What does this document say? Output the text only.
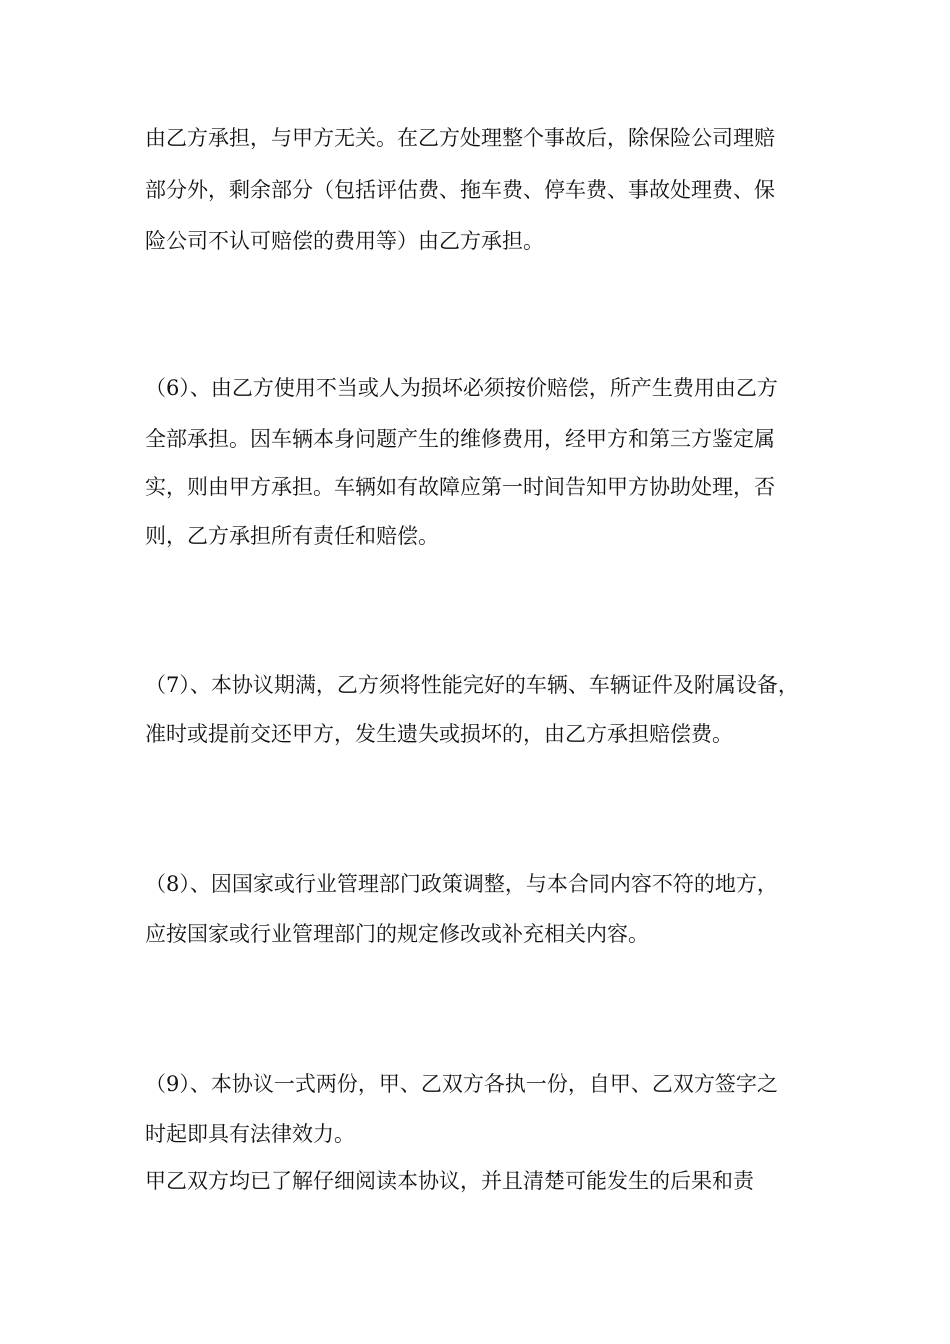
由乙方承担，与甲方无关。在乙方处理整个事故后，除保险公司理赔
部分外，剩余部分（包括评估费、拖车费、停车费、事故处理费、保
险公司不认可赔偿的费用等）由乙方承担。
（6）、由乙方使用不当或人为损坏必须按价赔偿，所产生费用由乙方
全部承担。因车辆本身问题产生的维修费用，经甲方和第三方鉴定属
实，则由甲方承担。车辆如有故障应第一时间告知甲方协助处理，否
则，乙方承担所有责任和赔偿。
（7）、本协议期满，乙方须将性能完好的车辆、车辆证件及附属设备，
准时或提前交还甲方，发生遗失或损坏的，由乙方承担赔偿费。
（8）、因国家或行业管理部门政策调整，与本合同内容不符的地方，
应按国家或行业管理部门的规定修改或补充相关内容。
（9）、本协议一式两份，甲、乙双方各执一份，自甲、乙双方签字之
时起即具有法律效力。
甲乙双方均已了解仔细阅读本协议，并且清楚可能发生的后果和责
